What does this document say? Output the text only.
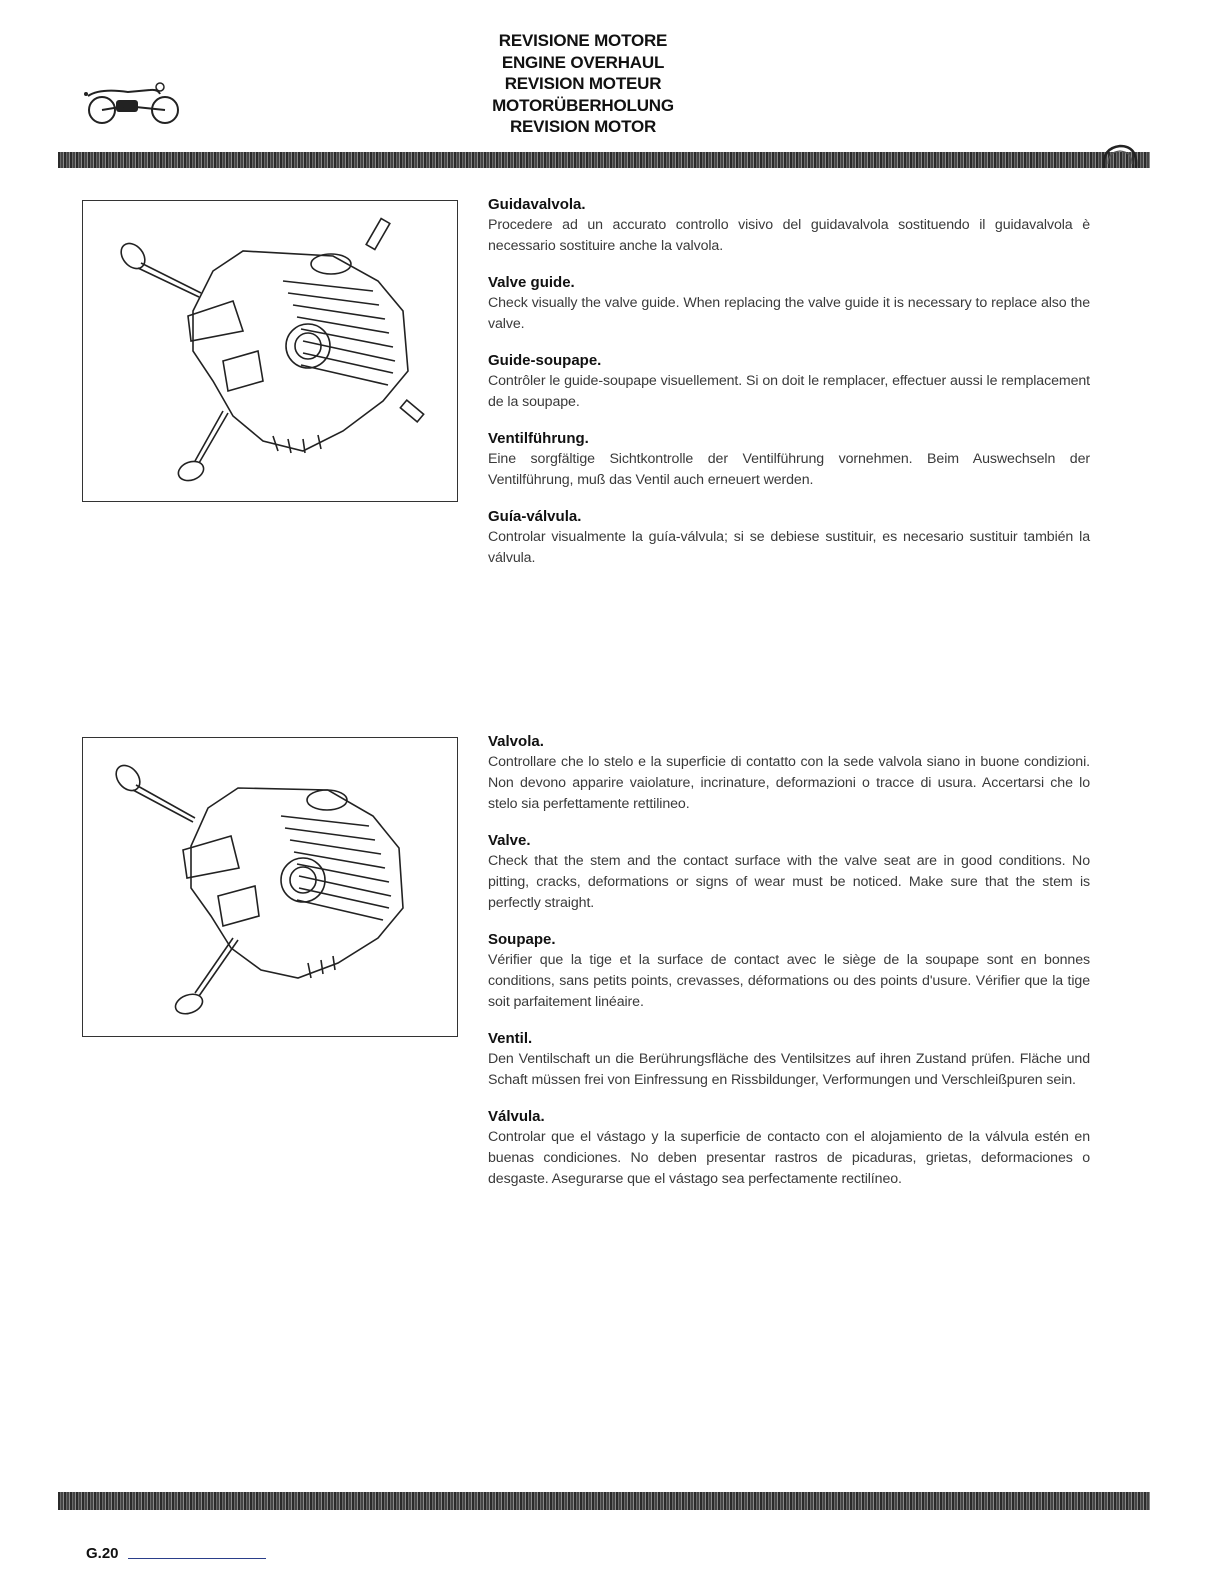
REVISIONE MOTORE
ENGINE OVERHAUL
REVISION MOTEUR
MOTORÜBERHOLUNG
REVISION MOTOR
Guidavalvola.

Procedere ad un accurato controllo visivo del guidavalvola sostituendo il guidavalvola è necessario sostituire anche la valvola.

Valve guide.

Check visually the valve guide. When replacing the valve guide it is necessary to replace also the valve.

Guide-soupape.

Contrôler le guide-soupape visuellement. Si on doit le remplacer, effectuer aussi le remplacement de la soupape.

Ventilführung.

Eine sorgfältige Sichtkontrolle der Ventilführung vornehmen. Beim Auswechseln der Ventilführung, muß das Ventil auch erneuert werden.

Guía-válvula.

Controlar visualmente la guía-válvula; si se debiese sustituir, es necesario sustituir también la válvula.

Valvola.

Controllare che lo stelo e la superficie di contatto con la sede valvola siano in buone condizioni. Non devono apparire vaiolature, incrinature, deformazioni o tracce di usura. Accertarsi che lo stelo sia perfettamente rettilineo.

Valve.

Check that the stem and the contact surface with the valve seat are in good conditions. No pitting, cracks, deformations or signs of wear must be noticed. Make sure that the stem is perfectly straight.

Soupape.

Vérifier que la tige et la surface de contact avec le siège de la soupape sont en bonnes conditions, sans petits points, crevasses, déformations ou des points d'usure. Vérifier que la tige soit parfaitement linéaire.

Ventil.

Den Ventilschaft un die Berührungsfläche des Ventilsitzes auf ihren Zustand prüfen. Fläche und Schaft müssen frei von Einfressung en Rissbildunger, Verformungen und Verschleißpuren sein.

Válvula.

Controlar que el vástago y la superficie de contacto con el alojamiento de la válvula estén en buenas condiciones. No deben presentar rastros de picaduras, grietas, deformaciones o desgaste. Asegurarse que el vástago sea perfectamente rectilíneo.

G.20
